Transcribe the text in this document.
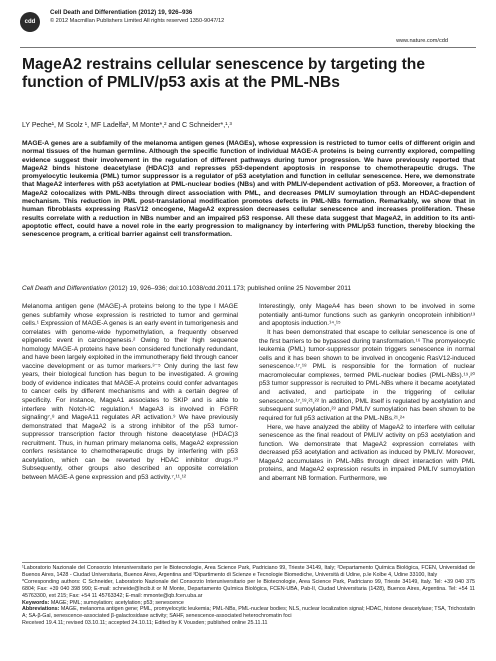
cdd
Cell Death and Differentiation (2012) 19, 926–936
© 2012 Macmillan Publishers Limited All rights reserved 1350-9047/12
www.nature.com/cdd
MageA2 restrains cellular senescence by targeting the function of PMLIV/p53 axis at the PML-NBs
LY Peche¹, M Scolz ¹, MF Ladelfa², M Monte*,² and C Schneider*,¹,³
MAGE-A genes are a subfamily of the melanoma antigen genes (MAGEs), whose expression is restricted to tumor cells of different origin and normal tissues of the human germline. Although the specific function of individual MAGE-A proteins is being currently explored, compelling evidence suggest their involvement in the regulation of different pathways during tumor progression. We have previously reported that MageA2 binds histone deacetylase (HDAC)3 and represses p53-dependent apoptosis in response to chemotherapeutic drugs. The promyelocytic leukemia (PML) tumor suppressor is a regulator of p53 acetylation and function in cellular senescence. Here, we demonstrate that MageA2 interferes with p53 acetylation at PML-nuclear bodies (NBs) and with PMLIV-dependent activation of p53. Moreover, a fraction of MageA2 colocalizes with PML-NBs through direct association with PML, and decreases PMLIV sumoylation through an HDAC-dependent mechanism. This reduction in PML post-translational modification promotes defects in PML-NBs formation. Remarkably, we show that in human fibroblasts expressing RasV12 oncogene, MageA2 expression decreases cellular senescence and increases proliferation. These results correlate with a reduction in NBs number and an impaired p53 response. All these data suggest that MageA2, in addition to its anti-apoptotic effect, could have a novel role in the early progression to malignancy by interfering with PML/p53 function, thereby blocking the senescence program, a critical barrier against cell transformation.
Cell Death and Differentiation (2012) 19, 926–936; doi:10.1038/cdd.2011.173; published online 25 November 2011

Melanoma antigen gene (MAGE)-A proteins belong to the type I MAGE genes subfamily whose expression is restricted to tumor and germinal cells.¹ Expression of MAGE-A genes is an early event in tumorigenesis and correlates with genome-wide hypomethylation, a frequently observed epigenetic event in carcinogenesis.² Owing to their high sequence homology MAGE-A proteins have been considered functionally redundant, and have been largely exploited in the immunotherapy field through cancer vaccine development or as tumor markers.³⁻⁵ Only during the last few years, their biological function has begun to be investigated. A growing body of evidence indicates that MAGE-A proteins could confer advantages to cancer cells by different mechanisms and with a certain degree of specificity. For instance, MageA1 associates to SKIP and is able to interfere with Notch-IC regulation.⁶ MageA3 is involved in FGFR signaling⁷,⁸ and MageA11 regulates AR activation.⁹ We have previously demonstrated that MageA2 is a strong inhibitor of the p53 tumor-suppressor transcription factor through histone deacetylase (HDAC)3 recruitment. Thus, in human primary melanoma cells, MageA2 expression confers resistance to chemotherapeutic drugs by interfering with p53 acetylation, which can be reverted by HDAC inhibitor drugs.¹⁰ Subsequently, other groups also described an opposite correlation between MAGE-A gene expression and p53 activity.⁷,¹¹,¹²

Interestingly, only MageA4 has been shown to be involved in some potentially anti-tumor functions such as gankyrin oncoprotein inhibition¹³ and apoptosis induction.¹⁴,¹⁵

It has been demonstrated that escape to cellular senescence is one of the first barriers to be bypassed during transformation.¹⁶ The promyelocytic leukemia (PML) tumor-suppressor protein triggers senescence in normal cells and it has been shown to be involved in oncogenic RasV12-induced senescence.¹⁷,¹⁸ PML is responsible for the formation of nuclear macromolecular complexes, termed PML-nuclear bodies (PML-NBs).¹⁹,²⁰ p53 tumor suppressor is recruited to PML-NBs where it became acetylated and activated, and participate in the triggering of cellular senescence.¹⁷,¹⁸,²¹,²² In addition, PML itself is regulated by acetylation and subsequent sumoylation,²³ and PMLIV sumoylation has been shown to be required for full p53 activation at the PML-NBs.²¹,²⁴

Here, we have analyzed the ability of MageA2 to interfere with cellular senescence as the final readout of PMLIV activity on p53 acetylation and function. We demonstrate that MageA2 expression correlates with decreased p53 acetylation and activation as induced by PMLIV. Moreover, MageA2 accumulates in PML-NBs through direct interaction with PML proteins, and MageA2 expression results in impaired PMLIV sumoylation and aberrant NB formation. Furthermore, we

¹Laboratorio Nazionale del Consorzio Interuniversitario per le Biotecnologie, Area Science Park, Padriciano 99, Trieste 34149, Italy; ²Departamento Química Biológica, FCEN, Universidad de Buenos Aires, 1428 - Ciudad Universitaria, Buenos Aires, Argentina and ³Dipartimento di Scienze e Tecnologie Biomediche, Università di Udine, p.le Kolbe 4, Udine 33100, Italy
*Corresponding authors: C Schneider, Laboratorio Nazionale del Consorzio Interuniversitario per le Biotecnologie, Area Science Park, Padriciano 99, Trieste 34149, Italy. Tel: +39 040 375 6804; Fax: +39 040 398 990; E-mail: schneide@lncib.it or M Monte, Departamento Química Biológica, FCEN-UBA, Pab-II, Ciudad Universitaria (1428), Buenos Aires, Argentina. Tel: +54 11 45763300, ext 215; Fax: +54 11 45763342; E-mail: mmonte@qb.fcen.uba.ar
Keywords: MAGE; PML; sumoylation; acetylation; p53; senescence
Abbreviations: MAGE, melanoma antigen gene; PML, promyelocytic leukemia; PML-NBs, PML-nuclear bodies; NLS, nuclear localization signal; HDAC, histone deacetylase; TSA, Trichostatin A; SA-β-Gal, senescence-associated β-galactosidase activity; SAHF, senescence-associated heterochromatin foci
Received 19.4.11; revised 03.10.11; accepted 24.10.11; Edited by K Vousden; published online 25.11.11
